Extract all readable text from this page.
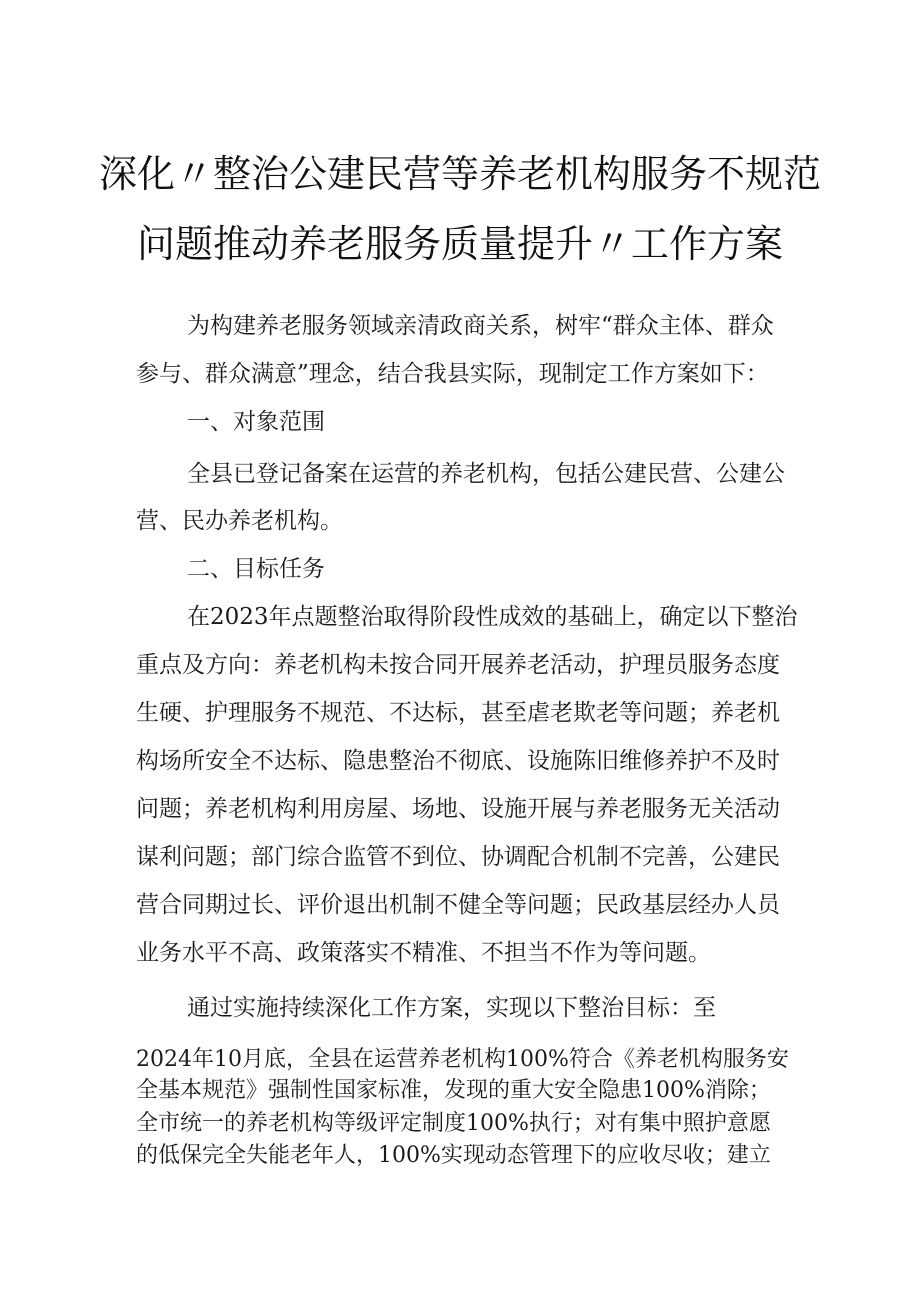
深化〃整治公建民营等养老机构服务不规范
问题推动养老服务质量提升〃工作方案
为构建养老服务领域亲清政商关系，树牢“群众主体、群众
参与、群众满意”理念，结合我县实际，现制定工作方案如下：
一、对象范围
全县已登记备案在运营的养老机构，包括公建民营、公建公
营、民办养老机构。
二、目标任务
在2023年点题整治取得阶段性成效的基础上，确定以下整治
重点及方向：养老机构未按合同开展养老活动，护理员服务态度
生硬、护理服务不规范、不达标，甚至虐老欺老等问题；养老机
构场所安全不达标、隐患整治不彻底、设施陈旧维修养护不及时
问题；养老机构利用房屋、场地、设施开展与养老服务无关活动
谋利问题；部门综合监管不到位、协调配合机制不完善，公建民
营合同期过长、评价退出机制不健全等问题；民政基层经办人员
业务水平不高、政策落实不精准、不担当不作为等问题。
通过实施持续深化工作方案，实现以下整治目标：至
2024年10月底，全县在运营养老机构100%符合《养老机构服务安
全基本规范》强制性国家标准，发现的重大安全隐患100%消除；
全市统一的养老机构等级评定制度100%执行；对有集中照护意愿
的低保完全失能老年人，100%实现动态管理下的应收尽收；建立
